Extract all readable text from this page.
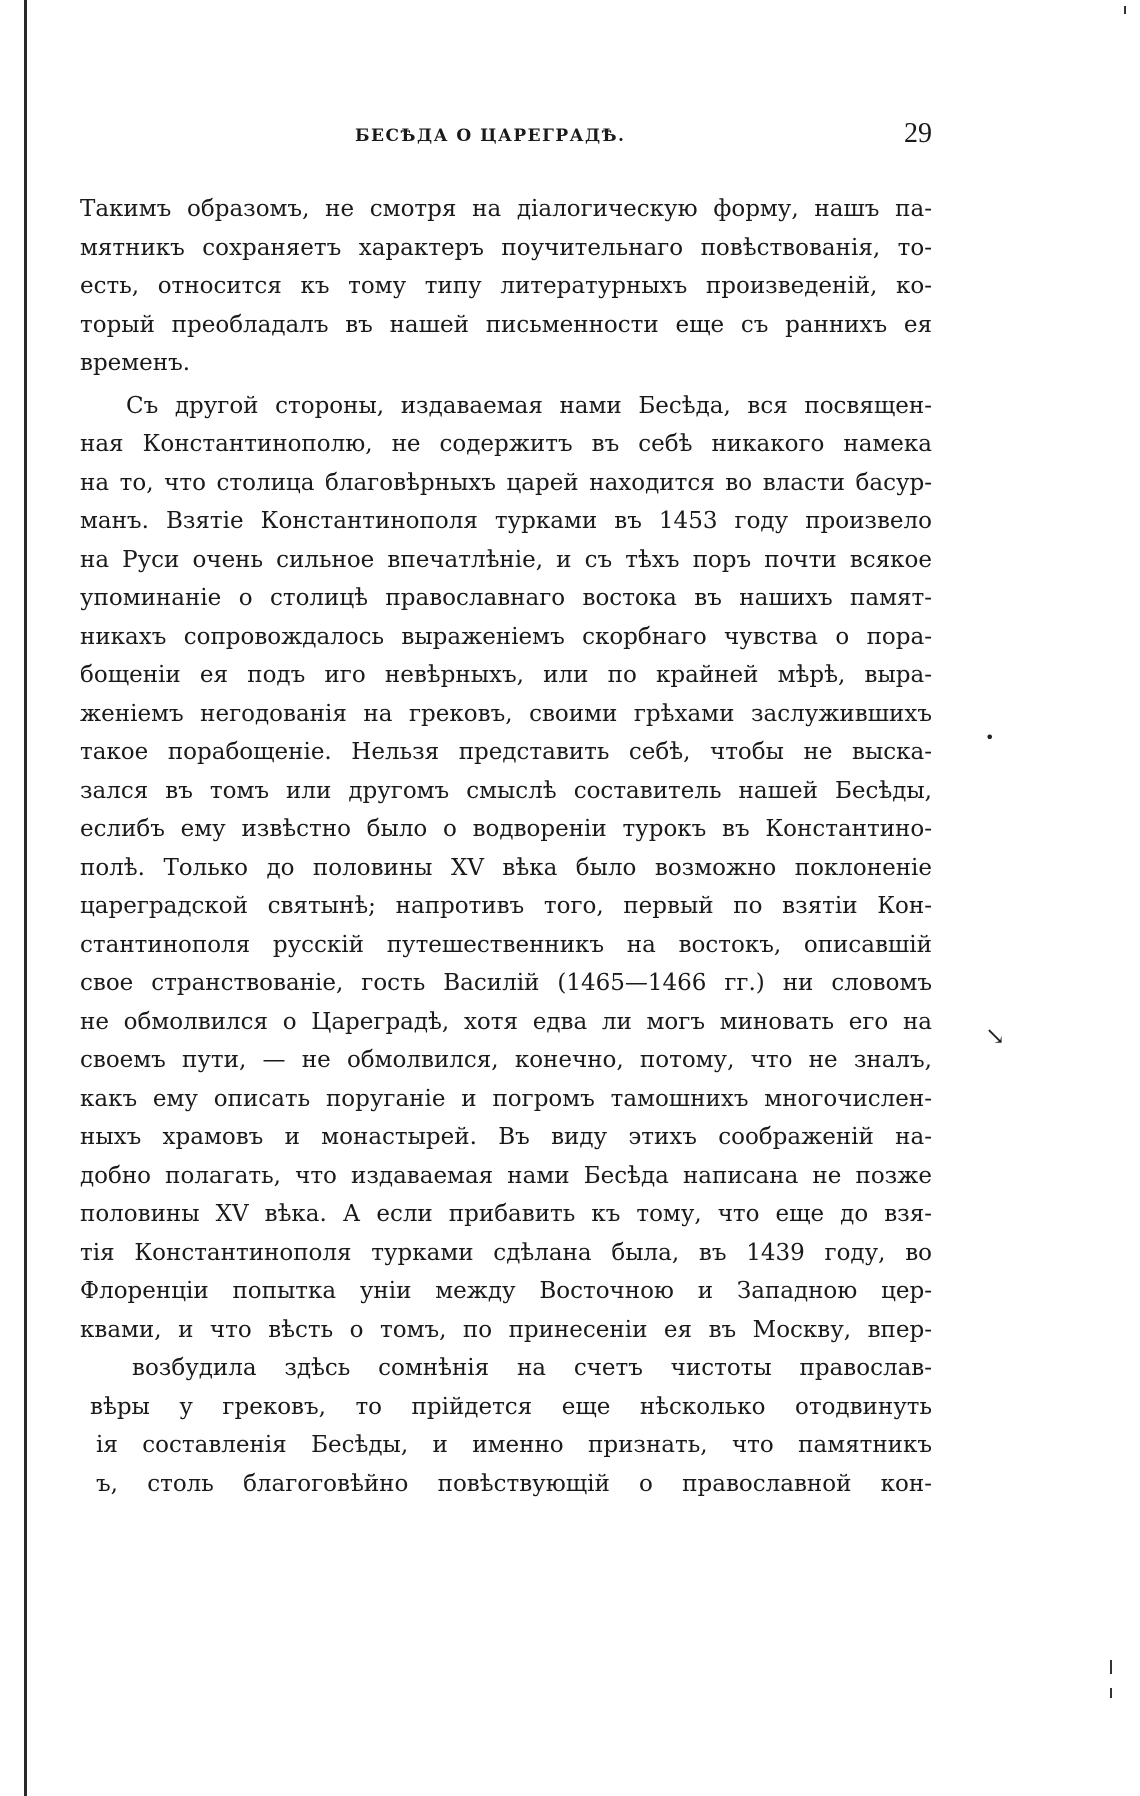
БЕСѢДА О ЦАРЕГРАДѢ.	29
Такимъ образомъ, не смотря на діалогическую форму, нашъ па-
мятникъ сохраняетъ характеръ поучительнаго повѣствованія, то-
есть, относится къ тому типу литературныхъ произведеній, ко-
торый преобладалъ въ нашей письменности еще съ раннихъ ея
временъ.
Съ другой стороны, издаваемая нами Бесѣда, вся посвящен-
ная Константинополю, не содержитъ въ себѣ никакого намека
на то, что столица благовѣрныхъ царей находится во власти басур-
манъ. Взятіе Константинополя турками въ 1453 году произвело
на Руси очень сильное впечатлѣніе, и съ тѣхъ поръ почти всякое
упоминаніе о столицѣ православнаго востока въ нашихъ памят-
никахъ сопровождалось выраженіемъ скорбнаго чувства о пора-
бощеніи ея подъ иго невѣрныхъ, или по крайней мѣрѣ, выра-
женіемъ негодованія на грековъ, своими грѣхами заслужившихъ
такое порабощеніе. Нельзя представить себѣ, чтобы не выска-
зался въ томъ или другомъ смыслѣ составитель нашей Бесѣды,
еслибъ ему извѣстно было о водвореніи турокъ въ Константино-
полѣ. Только до половины XV вѣка было возможно поклоненіе
цареградской святынѣ; напротивъ того, первый по взятіи Кон-
стантинополя русскій путешественникъ на востокъ, описавшій
свое странствованіе, гость Василій (1465—1466 гг.) ни словомъ
не обмолвился о Цареградѣ, хотя едва ли могъ миновать его на
своемъ пути, — не обмолвился, конечно, потому, что не зналъ,
какъ ему описать поруганіе и погромъ тамошнихъ многочислен-
ныхъ храмовъ и монастырей. Въ виду этихъ соображеній на-
добно полагать, что издаваемая нами Бесѣда написана не позже
половины XV вѣка. А если прибавить къ тому, что еще до взя-
тія Константинополя турками сдѣлана была, въ 1439 году, во
Флоренціи попытка уніи между Восточною и Западною цер-
квами, и что вѣсть о томъ, по принесеніи ея въ Москву, впер-
возбудила здѣсь сомнѣнія на счетъ чистоты православ-
вѣры у грековъ, то прійдется еще нѣсколько отодвинуть
ія составленія Бесѣды, и именно признать, что памятникъ
ъ, столь благоговѣйно повѣствующій о православной кон-
•
↘
